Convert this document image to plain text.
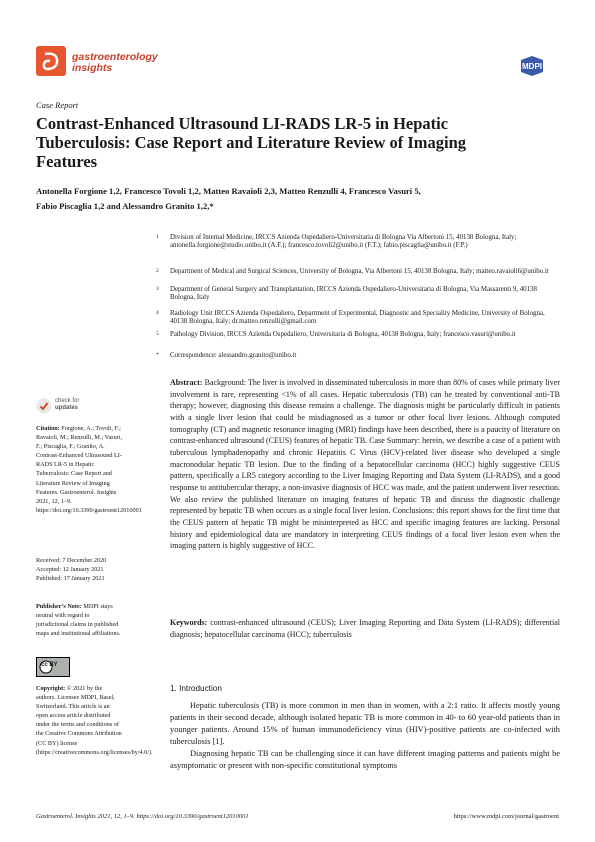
gastroenterology
insights	MDPI
Case Report
Contrast-Enhanced Ultrasound LI-RADS LR-5 in Hepatic Tuberculosis: Case Report and Literature Review of Imaging Features
Antonella Forgione 1,2, Francesco Tovoli 1,2, Matteo Ravaioli 2,3, Matteo Renzulli 4, Francesco Vasuri 5,
Fabio Piscaglia 1,2 and Alessandro Granito 1,2,*
1 Division of Internal Medicine, IRCCS Azienda Ospedaliero-Universitaria di Bologna Via Albertoni 15, 40138 Bologna, Italy; antonella.forgione@studio.unibo.it (A.F.); francesco.tovoli2@unibo.it (F.T.); fabio.piscaglia@unibo.it (F.P.)
2 Department of Medical and Surgical Sciences, University of Bologna, Via Albertoni 15, 40138 Bologna, Italy; matteo.ravaioli6@unibo.it
3 Department of General Surgery and Transplantation, IRCCS Azienda Ospedaliero-Universitaria di Bologna, Via Massarenti 9, 40138 Bologna, Italy
4 Radiology Unit IRCCS Azienda Ospedaliero, Department of Experimental, Diagnostic and Speciality Medicine, University of Bologna, 40138 Bologna, Italy; dr.matteo.renzulli@gmail.com
5 Pathology Division, IRCCS Azienda Ospedaliero, Universitaria di Bologna, 40138 Bologna, Italy; francesco.vasuri@unibo.it
* Correspondence: alessandro.granito@unibo.it
check for
updates
Citation: Forgione, A.; Tovoli, F.; Ravaioli, M.; Renzulli, M.; Vasuri, F.; Piscaglia, F.; Granito, A. Contrast-Enhanced Ultrasound LI-RADS LR-5 in Hepatic Tuberculosis: Case Report and Literature Review of Imaging Features. Gastroenterol. Insights 2021, 12, 1–9. https://doi.org/10.3390/gastroent12010001
Received: 7 December 2020
Accepted: 12 January 2021
Published: 17 January 2021
Publisher’s Note: MDPI stays neutral with regard to jurisdictional claims in published maps and institutional affiliations.
cc BY
Copyright: © 2021 by the authors. Licensee MDPI, Basel, Switzerland. This article is an open access article distributed under the terms and conditions of the Creative Commons Attribution (CC BY) license (https://creativecommons.org/licenses/by/4.0/).
Abstract: Background: The liver is involved in disseminated tuberculosis in more than 80% of cases while primary liver involvement is rare, representing <1% of all cases. Hepatic tuberculosis (TB) can be treated by conventional anti-TB therapy; however, diagnosing this disease remains a challenge. The diagnosis might be particularly difficult in patients with a single liver lesion that could be misdiagnosed as a tumor or other focal liver lesions. Although computed tomography (CT) and magnetic resonance imaging (MRI) findings have been described, there is a paucity of literature on contrast-enhanced ultrasound (CEUS) features of hepatic TB. Case Summary: herein, we describe a case of a patient with tuberculous lymphadenopathy and chronic Hepatitis C Virus (HCV)-related liver disease who developed a single macronodular hepatic TB lesion. Due to the finding of a hepatocellular carcinoma (HCC) highly suggestive CEUS pattern, specifically a LR5 category according to the Liver Imaging Reporting and Data System (LI-RADS), and a good response to antitubercular therapy, a non-invasive diagnosis of HCC was made, and the patient underwent liver resection. We also review the published literature on imaging features of hepatic TB and discuss the diagnostic challenge represented by hepatic TB when occurs as a single focal liver lesion. Conclusions: this report shows for the first time that the CEUS pattern of hepatic TB might be misinterpreted as HCC and specific imaging features are lacking. Personal history and epidemiological data are mandatory in interpreting CEUS findings of a focal liver lesion even when the imaging pattern is highly suggestive of HCC.
Keywords: contrast-enhanced ultrasound (CEUS); Liver Imaging Reporting and Data System (LI-RADS); differential diagnosis; hepatocellular carcinoma (HCC); tuberculosis
1. Introduction
Hepatic tuberculosis (TB) is more common in men than in women, with a 2:1 ratio. It affects mostly young patients in their second decade, although isolated hepatic TB is more common in 40- to 60 year-old patients than in younger patients. Around 15% of human immunodeficiency virus (HIV)-positive patients are co-infected with tuberculosis [1].
Diagnosing hepatic TB can be challenging since it can have different imaging patterns and patients might be asymptomatic or present with non-specific constitutional symptoms
Gastroenterol. Insights 2021, 12, 1–9. https://doi.org/10.3390/gastroent12010001	https://www.mdpi.com/journal/gastroent
